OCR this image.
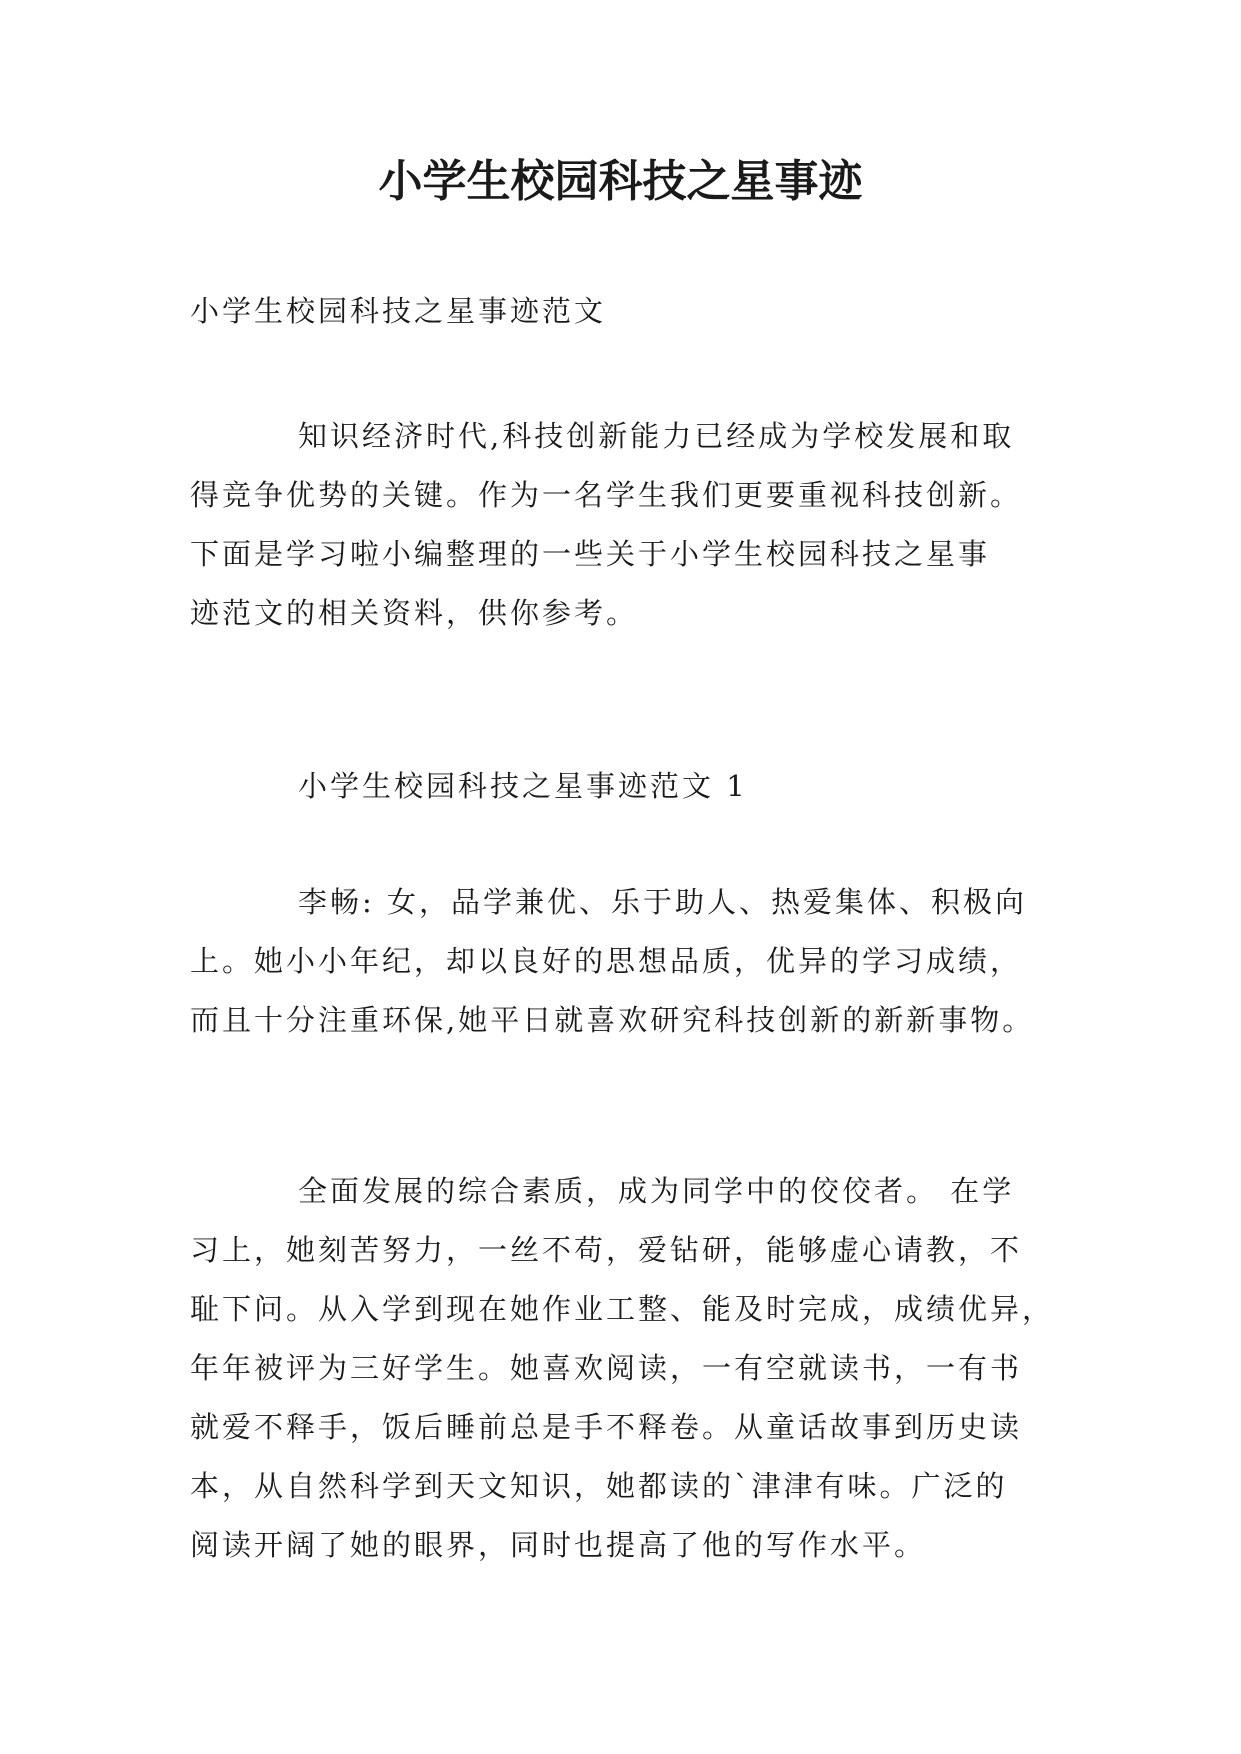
小学生校园科技之星事迹

小学生校园科技之星事迹范文

知识经济时代,科技创新能力已经成为学校发展和取
得竞争优势的关键。作为一名学生我们更要重视科技创新。
下面是学习啦小编整理的一些关于小学生校园科技之星事
迹范文的相关资料，供你参考。

小学生校园科技之星事迹范文 1

李畅: 女，品学兼优、乐于助人、热爱集体、积极向
上。她小小年纪，却以良好的思想品质，优异的学习成绩，
而且十分注重环保,她平日就喜欢研究科技创新的新新事物。

全面发展的综合素质，成为同学中的佼佼者。 在学
习上，她刻苦努力，一丝不苟，爱钻研，能够虚心请教，不
耻下问。从入学到现在她作业工整、能及时完成，成绩优异，
年年被评为三好学生。她喜欢阅读，一有空就读书，一有书
就爱不释手，饭后睡前总是手不释卷。从童话故事到历史读
本，从自然科学到天文知识，她都读的`津津有味。广泛的
阅读开阔了她的眼界，同时也提高了他的写作水平。
